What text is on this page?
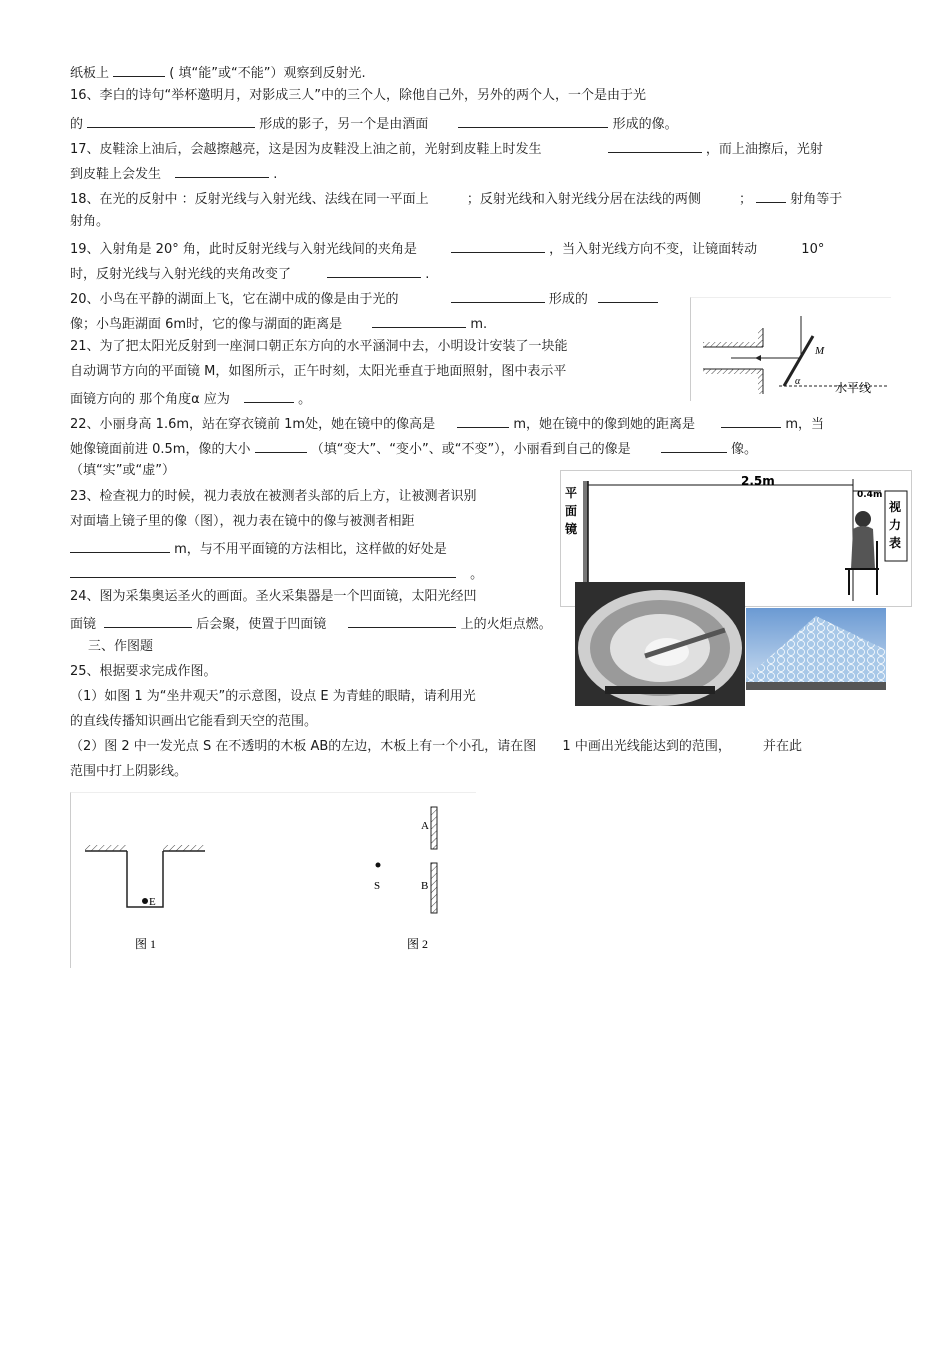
纸板上	( 填“能”或“不能”）观察到反射光.
16、李白的诗句“举杯邀明月，对影成三人”中的三个人，除他自己外，另外的两个人，一个是由于光
的	形成的影子，另一个是由酒面	形成的像。
17、皮鞋涂上油后，会越擦越亮，这是因为皮鞋没上油之前，光射到皮鞋上时发生	，而上油擦后，光射
到皮鞋上会发生	.
18、在光的反射中 ：反射光线与入射光线、法线在同一平面上	；反射光线和入射光线分居在法线的两侧	；	射角等于
射角。
19、入射角是 20° 角，此时反射光线与入射光线间的夹角是	，当入射光线方向不变，让镜面转动	10°
时，反射光线与入射光线的夹角改变了	.
20、小鸟在平静的湖面上飞，它在湖中成的像是由于光的	形成的
像；小鸟距湖面 6m时，它的像与湖面的距离是	m.
21、为了把太阳光反射到一座洞口朝正东方向的水平涵洞中去，小明设计安装了一块能
自动调节方向的平面镜 M，如图所示，正午时刻，太阳光垂直于地面照射，图中表示平
面镜方向的 那个角度α 应为	。
22、小丽身高 1.6m，站在穿衣镜前 1m处，她在镜中的像高是	m，她在镜中的像到她的距离是	m，当
她像镜面前进 0.5m，像的大小	（填“变大”、“变小”、或“不变”），小丽看到自己的像是	像。
（填“实”或“虚”）
23、检查视力的时候，视力表放在被测者头部的后上方，让被测者识别
对面墙上镜子里的像（图），视力表在镜中的像与被测者相距
m，与不用平面镜的方法相比，这样做的好处是
。
24、图为采集奥运圣火的画面。圣火采集器是一个凹面镜，太阳光经凹
面镜	后会聚，使置于凹面镜	上的火炬点燃。
三、作图题
25、根据要求完成作图。
（1）如图 1 为“坐井观天”的示意图，设点 E 为青蛙的眼睛，请利用光
的直线传播知识画出它能看到天空的范围。
（2）图 2 中一发光点 S 在不透明的木板 AB的左边，木板上有一个小孔，请在图 1 中画出光线能达到的范围， 并在此
范围中打上阴影线。
M
α	水平线
平
面
镜
2.5m
0.4m
视
力
表
E
图 1
A
B
S
图 2
